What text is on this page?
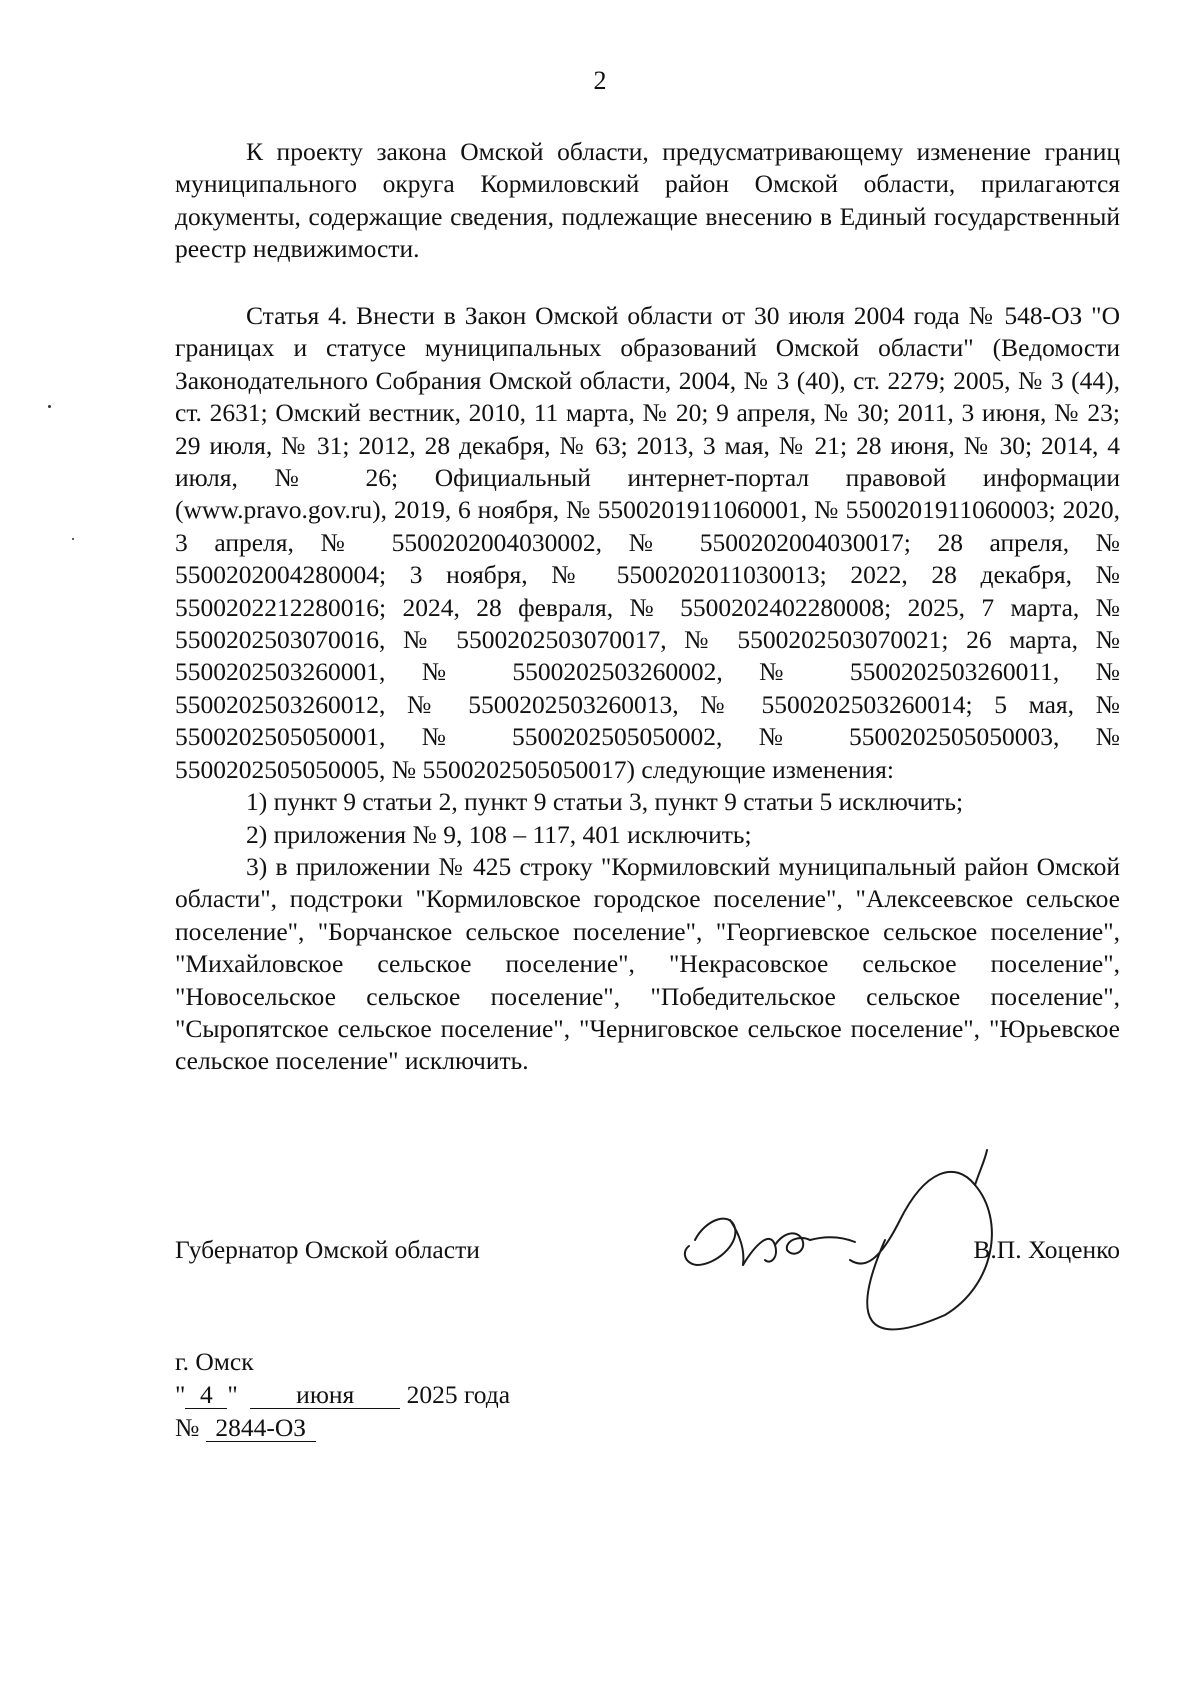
2

К проекту закона Омской области, предусматривающему изменение границ муниципального округа Кормиловский район Омской области, прилагаются документы, содержащие сведения, подлежащие внесению в Единый государственный реестр недвижимости.

Статья 4. Внести в Закон Омской области от 30 июля 2004 года № 548-ОЗ "О границах и статусе муниципальных образований Омской области" (Ведомости Законодательного Собрания Омской области, 2004, № 3 (40), ст. 2279; 2005, № 3 (44), ст. 2631; Омский вестник, 2010, 11 марта, № 20; 9 апреля, № 30; 2011, 3 июня, № 23; 29 июля, № 31; 2012, 28 декабря, № 63; 2013, 3 мая, № 21; 28 июня, № 30; 2014, 4 июля, № 26; Официальный интернет-портал правовой информации (www.pravo.gov.ru), 2019, 6 ноября, № 5500201911060001, № 5500201911060003; 2020, 3 апреля, № 5500202004030002, № 5500202004030017; 28 апреля, № 5500202004280004; 3 ноября, № 5500202011030013; 2022, 28 декабря, № 5500202212280016; 2024, 28 февраля, № 5500202402280008; 2025, 7 марта, № 5500202503070016, № 5500202503070017, № 5500202503070021; 26 марта, № 5500202503260001, № 5500202503260002, № 5500202503260011, № 5500202503260012, № 5500202503260013, № 5500202503260014; 5 мая, № 5500202505050001, № 5500202505050002, № 5500202505050003, № 5500202505050005, № 5500202505050017) следующие изменения:

1) пункт 9 статьи 2, пункт 9 статьи 3, пункт 9 статьи 5 исключить;

2) приложения № 9, 108 – 117, 401 исключить;

3) в приложении № 425 строку "Кормиловский муниципальный район Омской области", подстроки "Кормиловское городское поселение", "Алексеевское сельское поселение", "Борчанское сельское поселение", "Георгиевское сельское поселение", "Михайловское сельское поселение", "Некрасовское сельское поселение", "Новосельское сельское поселение", "Победительское сельское поселение", "Сыропятское сельское поселение", "Черниговское сельское поселение", "Юрьевское сельское поселение" исключить.

Губернатор Омской области	В.П. Хоценко
г. Омск
" 4 " июня 2025 года
№ 2844-ОЗ
